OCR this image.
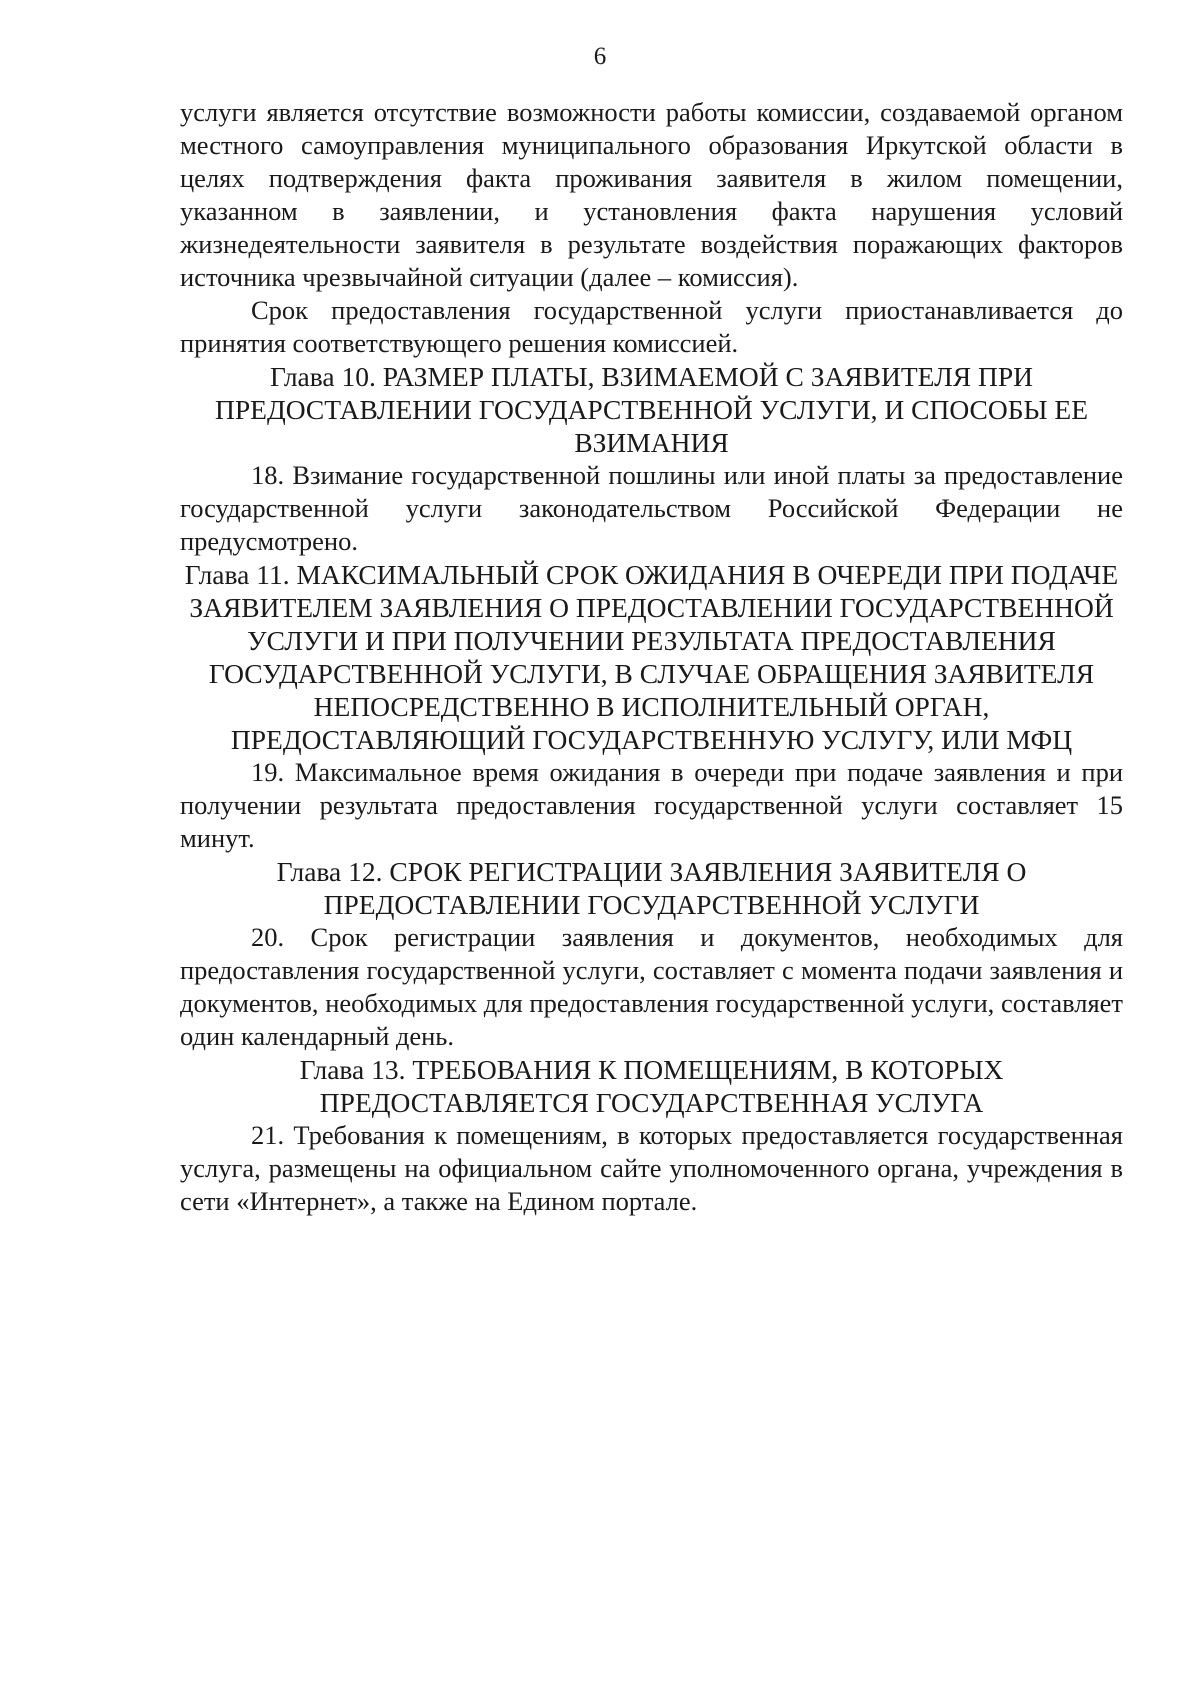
6

услуги является отсутствие возможности работы комиссии, создаваемой органом местного самоуправления муниципального образования Иркутской области в целях подтверждения факта проживания заявителя в жилом помещении, указанном в заявлении, и установления факта нарушения условий жизнедеятельности заявителя в результате воздействия поражающих факторов источника чрезвычайной ситуации (далее – комиссия).

Срок предоставления государственной услуги приостанавливается до принятия соответствующего решения комиссией.

Глава 10. РАЗМЕР ПЛАТЫ, ВЗИМАЕМОЙ С ЗАЯВИТЕЛЯ ПРИ ПРЕДОСТАВЛЕНИИ ГОСУДАРСТВЕННОЙ УСЛУГИ, И СПОСОБЫ ЕЕ ВЗИМАНИЯ

18. Взимание государственной пошлины или иной платы за предоставление государственной услуги законодательством Российской Федерации не предусмотрено.

Глава 11. МАКСИМАЛЬНЫЙ СРОК ОЖИДАНИЯ В ОЧЕРЕДИ ПРИ ПОДАЧЕ ЗАЯВИТЕЛЕМ ЗАЯВЛЕНИЯ О ПРЕДОСТАВЛЕНИИ ГОСУДАРСТВЕННОЙ УСЛУГИ И ПРИ ПОЛУЧЕНИИ РЕЗУЛЬТАТА ПРЕДОСТАВЛЕНИЯ ГОСУДАРСТВЕННОЙ УСЛУГИ, В СЛУЧАЕ ОБРАЩЕНИЯ ЗАЯВИТЕЛЯ НЕПОСРЕДСТВЕННО В ИСПОЛНИТЕЛЬНЫЙ ОРГАН, ПРЕДОСТАВЛЯЮЩИЙ ГОСУДАРСТВЕННУЮ УСЛУГУ, ИЛИ МФЦ

19. Максимальное время ожидания в очереди при подаче заявления и при получении результата предоставления государственной услуги составляет 15 минут.

Глава 12. СРОК РЕГИСТРАЦИИ ЗАЯВЛЕНИЯ ЗАЯВИТЕЛЯ О ПРЕДОСТАВЛЕНИИ ГОСУДАРСТВЕННОЙ УСЛУГИ

20. Срок регистрации заявления и документов, необходимых для предоставления государственной услуги, составляет с момента подачи заявления и документов, необходимых для предоставления государственной услуги, составляет один календарный день.

Глава 13. ТРЕБОВАНИЯ К ПОМЕЩЕНИЯМ, В КОТОРЫХ ПРЕДОСТАВЛЯЕТСЯ ГОСУДАРСТВЕННАЯ УСЛУГА

21. Требования к помещениям, в которых предоставляется государственная услуга, размещены на официальном сайте уполномоченного органа, учреждения в сети «Интернет», а также на Едином портале.
